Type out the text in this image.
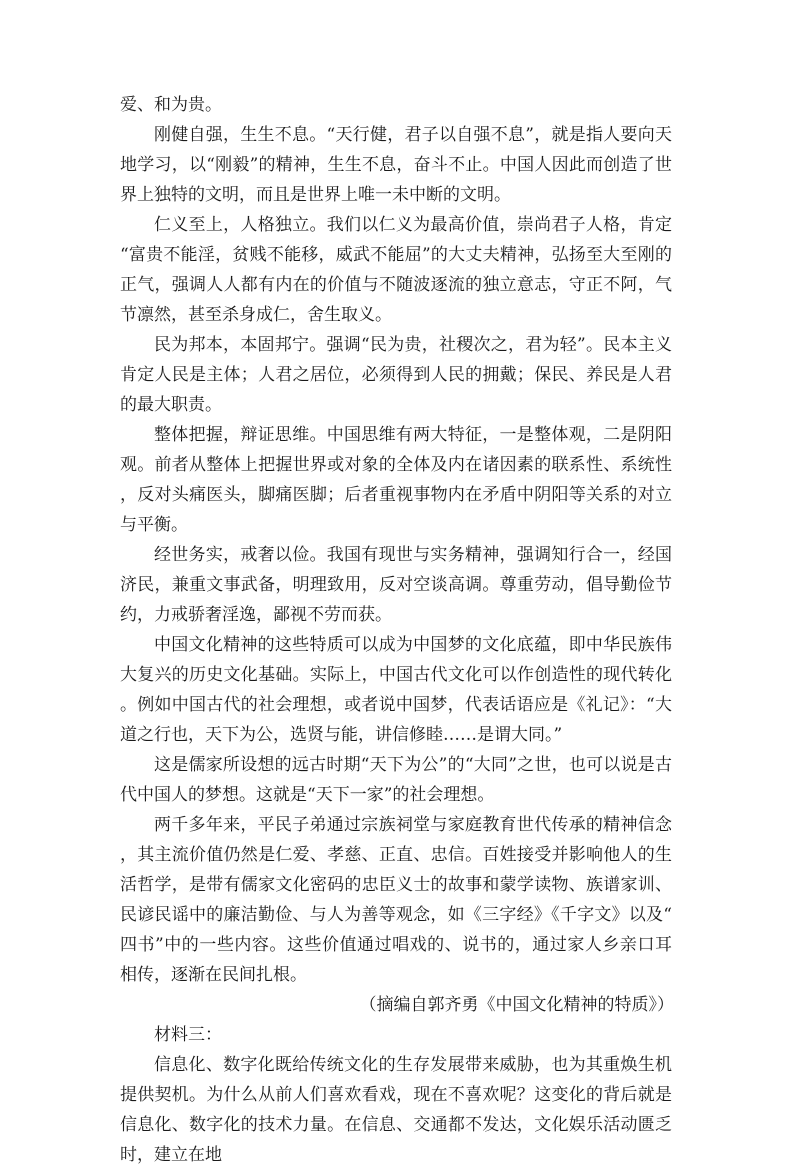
爱、和为贵。

刚健自强，生生不息。“天行健，君子以自强不息”，就是指人要向天地学习，以“刚毅”的精神，生生不息，奋斗不止。中国人因此而创造了世界上独特的文明，而且是世界上唯一未中断的文明。

仁义至上，人格独立。我们以仁义为最高价值，崇尚君子人格，肯定“富贵不能淫，贫贱不能移，威武不能屈”的大丈夫精神，弘扬至大至刚的正气，强调人人都有内在的价值与不随波逐流的独立意志，守正不阿，气节凛然，甚至杀身成仁，舍生取义。

民为邦本，本固邦宁。强调“民为贵，社稷次之，君为轻”。民本主义肯定人民是主体；人君之居位，必须得到人民的拥戴；保民、养民是人君的最大职责。

整体把握，辩证思维。中国思维有两大特征，一是整体观，二是阴阳观。前者从整体上把握世界或对象的全体及内在诸因素的联系性、系统性，反对头痛医头，脚痛医脚；后者重视事物内在矛盾中阴阳等关系的对立与平衡。

经世务实，戒奢以俭。我国有现世与实务精神，强调知行合一，经国济民，兼重文事武备，明理致用，反对空谈高调。尊重劳动，倡导勤俭节约，力戒骄奢淫逸，鄙视不劳而获。

中国文化精神的这些特质可以成为中国梦的文化底蕴，即中华民族伟大复兴的历史文化基础。实际上，中国古代文化可以作创造性的现代转化。例如中国古代的社会理想，或者说中国梦，代表话语应是《礼记》：“大道之行也，天下为公，选贤与能，讲信修睦……是谓大同。”

这是儒家所设想的远古时期“天下为公”的“大同”之世，也可以说是古代中国人的梦想。这就是“天下一家”的社会理想。

两千多年来，平民子弟通过宗族祠堂与家庭教育世代传承的精神信念，其主流价值仍然是仁爱、孝慈、正直、忠信。百姓接受并影响他人的生活哲学，是带有儒家文化密码的忠臣义士的故事和蒙学读物、族谱家训、民谚民谣中的廉洁勤俭、与人为善等观念，如《三字经》《千字文》以及“四书”中的一些内容。这些价值通过唱戏的、说书的，通过家人乡亲口耳相传，逐渐在民间扎根。

（摘编自郭齐勇《中国文化精神的特质》）

材料三：

信息化、数字化既给传统文化的生存发展带来威胁，也为其重焕生机提供契机。为什么从前人们喜欢看戏，现在不喜欢呢？这变化的背后就是信息化、数字化的技术力量。在信息、交通都不发达，文化娱乐活动匮乏时，建立在地
